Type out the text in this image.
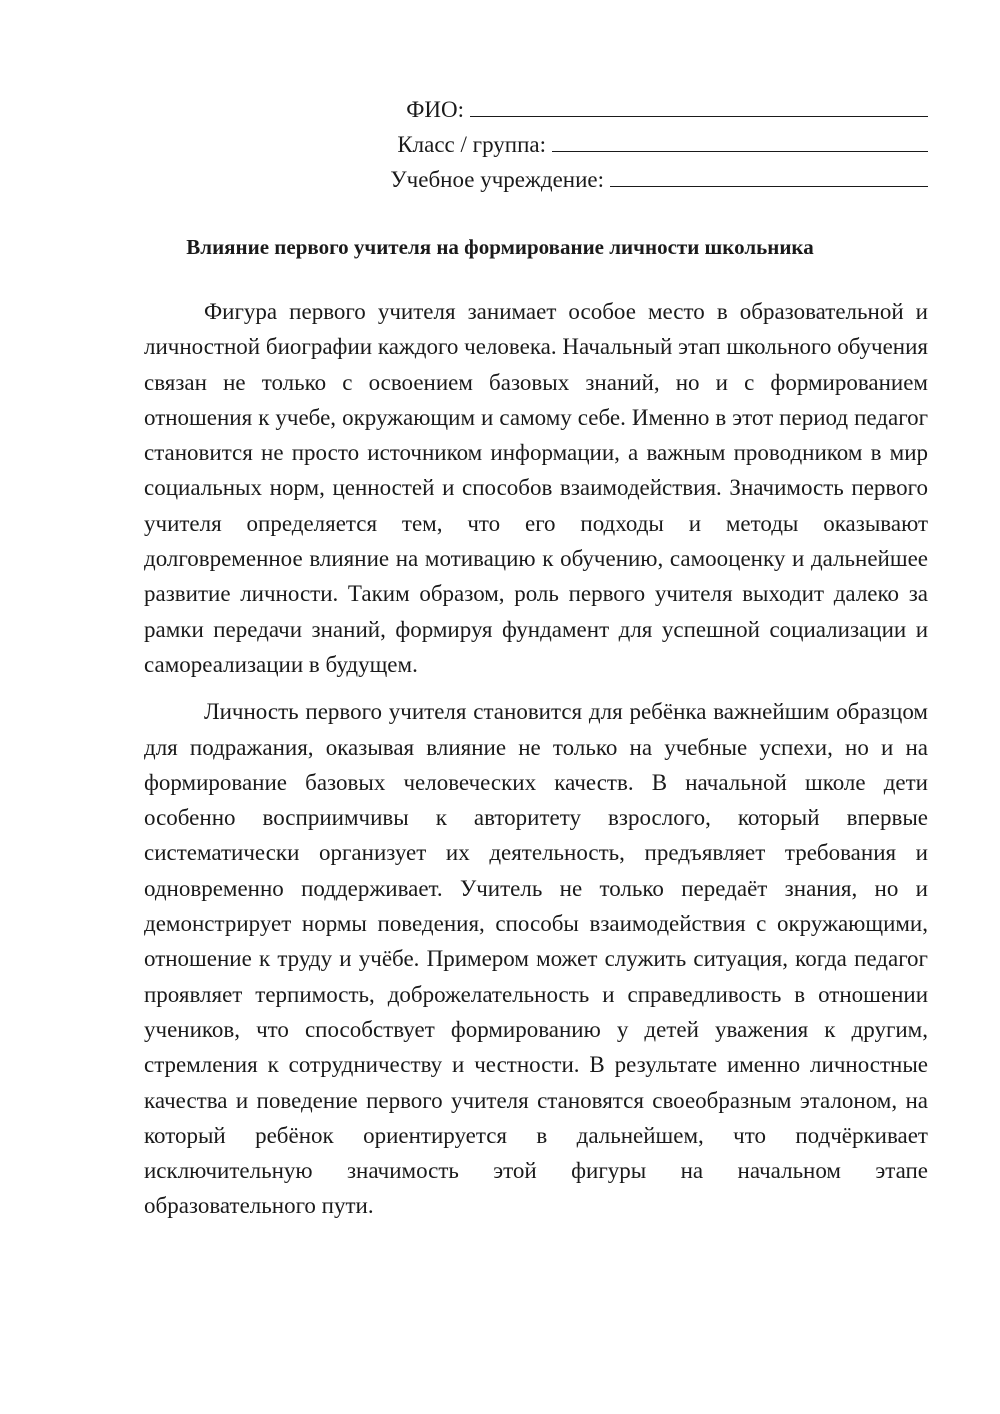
ФИО:
Класс / группа:
Учебное учреждение:
Влияние первого учителя на формирование личности школьника

Фигура первого учителя занимает особое место в образовательной и личностной биографии каждого человека. Начальный этап школьного обучения связан не только с освоением базовых знаний, но и с формированием отношения к учебе, окружающим и самому себе. Именно в этот период педагог становится не просто источником информации, а важным проводником в мир социальных норм, ценностей и способов взаимодействия. Значимость первого учителя определяется тем, что его подходы и методы оказывают долговременное влияние на мотивацию к обучению, самооценку и дальнейшее развитие личности. Таким образом, роль первого учителя выходит далеко за рамки передачи знаний, формируя фундамент для успешной социализации и самореализации в будущем.

Личность первого учителя становится для ребёнка важнейшим образцом для подражания, оказывая влияние не только на учебные успехи, но и на формирование базовых человеческих качеств. В начальной школе дети особенно восприимчивы к авторитету взрослого, который впервые систематически организует их деятельность, предъявляет требования и одновременно поддерживает. Учитель не только передаёт знания, но и демонстрирует нормы поведения, способы взаимодействия с окружающими, отношение к труду и учёбе. Примером может служить ситуация, когда педагог проявляет терпимость, доброжелательность и справедливость в отношении учеников, что способствует формированию у детей уважения к другим, стремления к сотрудничеству и честности. В результате именно личностные качества и поведение первого учителя становятся своеобразным эталоном, на который ребёнок ориентируется в дальнейшем, что подчёркивает исключительную значимость этой фигуры на начальном этапе образовательного пути.
